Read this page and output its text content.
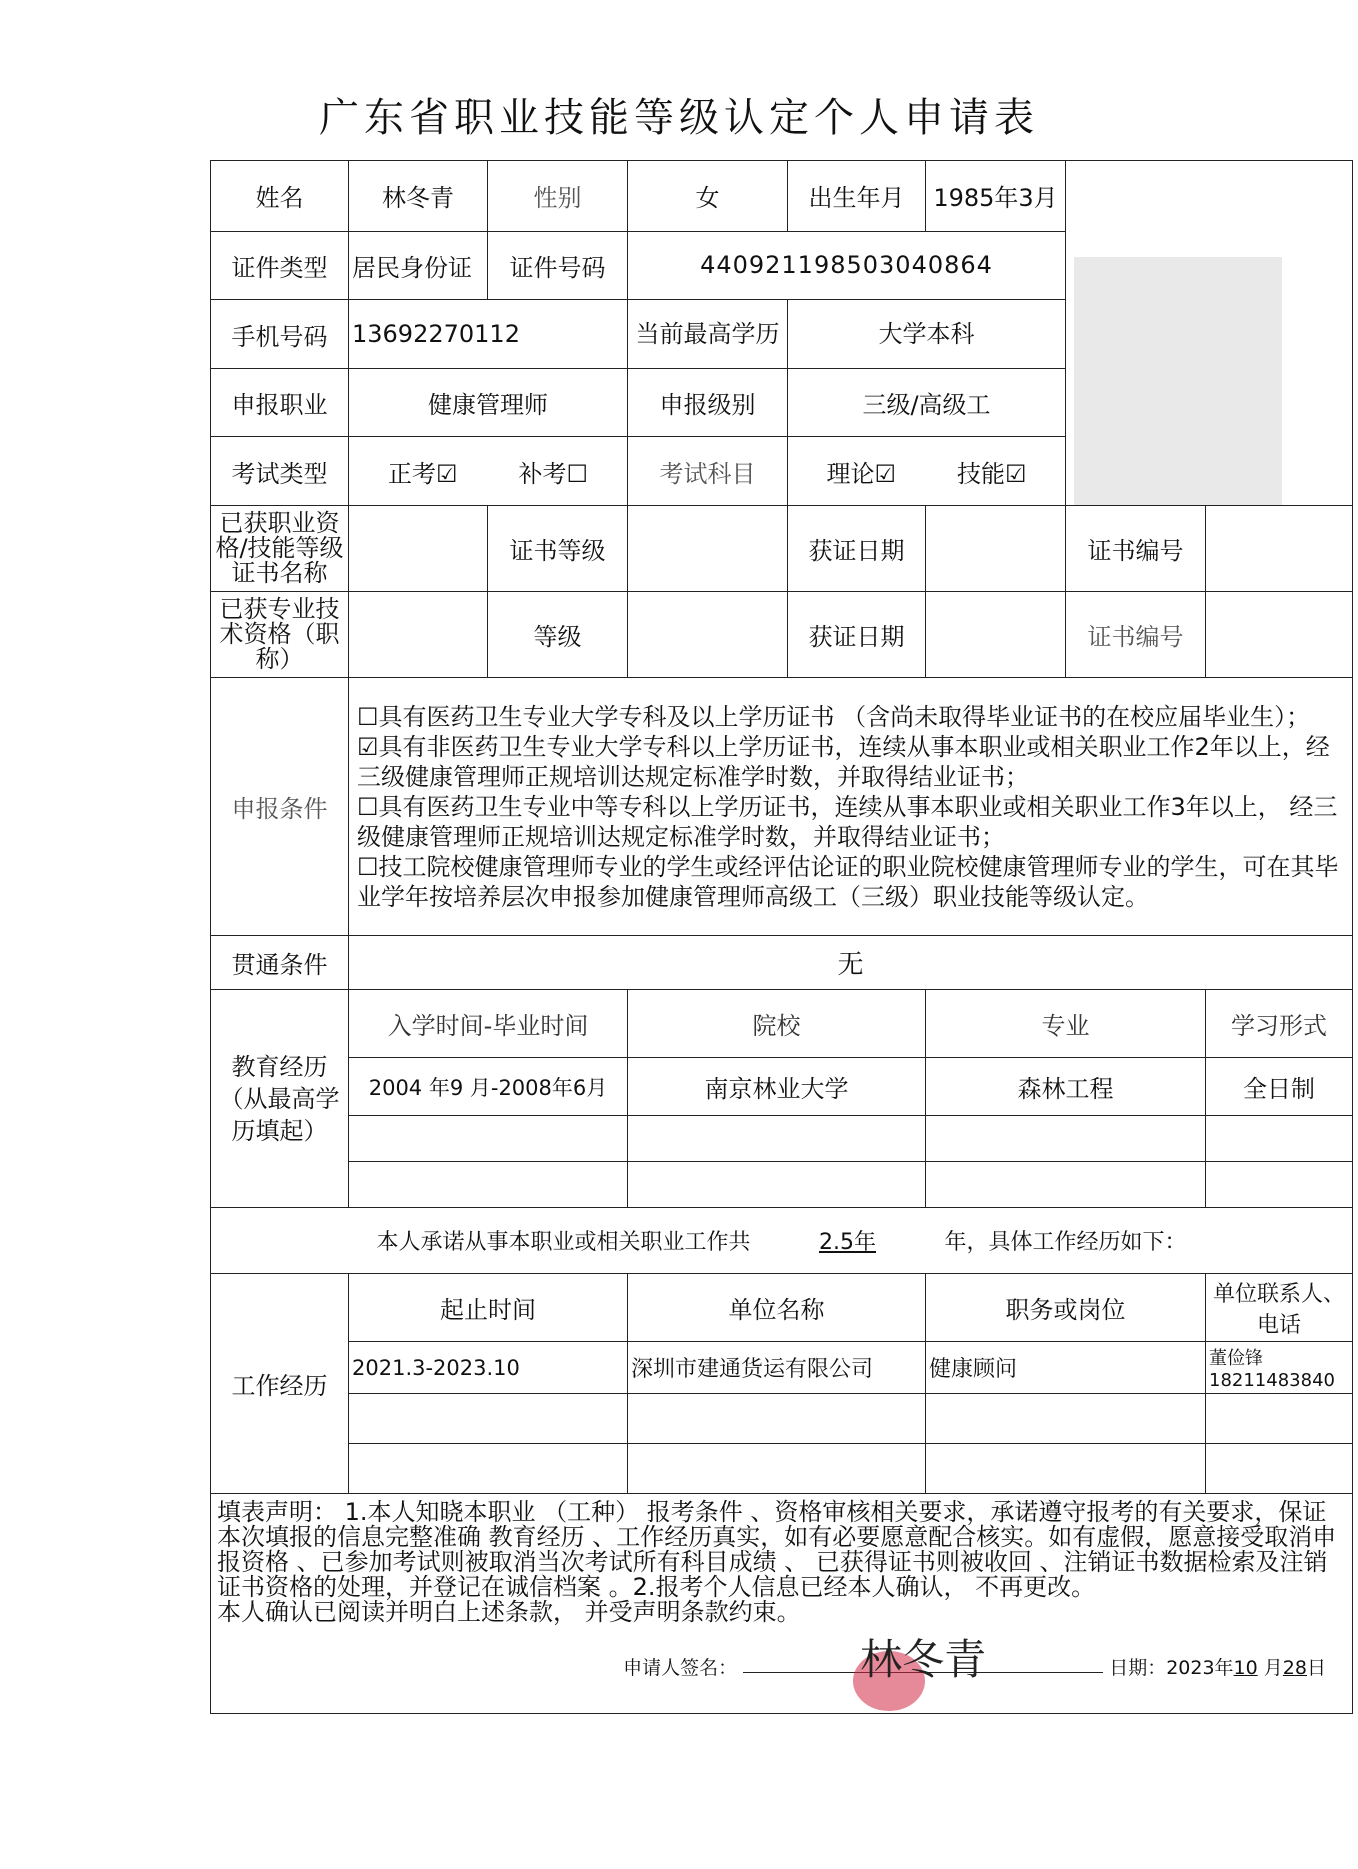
广东省职业技能等级认定个人申请表
姓名	林冬青	性别	女	出生年月	1985年3月		

证件类型	居民身份证	证件号码	440921198503040864				
手机号码	13692270112		当前最高学历	大学本科			
申报职业	健康管理师		申报级别	三级/高级工			
考试类型	正考☑ 补考☐		考试科目	理论☑ 技能☑			
已获职业资格/技能等级证书名称		证书等级		获证日期		证书编号	
已获专业技术资格（职称）		等级		获证日期		证书编号	
申报条件	☐具有医药卫生专业大学专科及以上学历证书 （含尚未取得毕业证书的在校应届毕业生）；
☑具有非医药卫生专业大学专科以上学历证书，连续从事本职业或相关职业工作2年以上，经三级健康管理师正规培训达规定标准学时数，并取得结业证书；
☐具有医药卫生专业中等专科以上学历证书，连续从事本职业或相关职业工作3年以上， 经三级健康管理师正规培训达规定标准学时数，并取得结业证书；
☐技工院校健康管理师专业的学生或经评估论证的职业院校健康管理师专业的学生，可在其毕业学年按培养层次申报参加健康管理师高级工（三级）职业技能等级认定。						

贯通条件	无						
教育经历（从最高学历填起）	入学时间-毕业时间		院校		专业		学习形式
	2004 年9 月-2008年6月		南京林业大学		森林工程		全日制

本人承诺从事本职业或相关职业工作共 2.5年 年，具体工作经历如下：							
工作经历	起止时间		单位名称		职务或岗位		单位联系人、电话
	2021.3-2023.10		深圳市建通货运有限公司		健康顾问		董俭锋18211483840

填表声明： 1.本人知晓本职业 （工种） 报考条件 、资格审核相关要求，承诺遵守报考的有关要求，保证本次填报的信息完整准确 教育经历 、工作经历真实，如有必要愿意配合核实。如有虚假，愿意接受取消申报资格 、已参加考试则被取消当次考试所有科目成绩 、 已获得证书则被收回 、注销证书数据检索及注销证书资格的处理，并登记在诚信档案 。2.报考个人信息已经本人确认， 不再更改。
本人确认已阅读并明白上述条款， 并受声明条款约束。
申请人签名： 林冬青 日期：2023年10 月28日							
